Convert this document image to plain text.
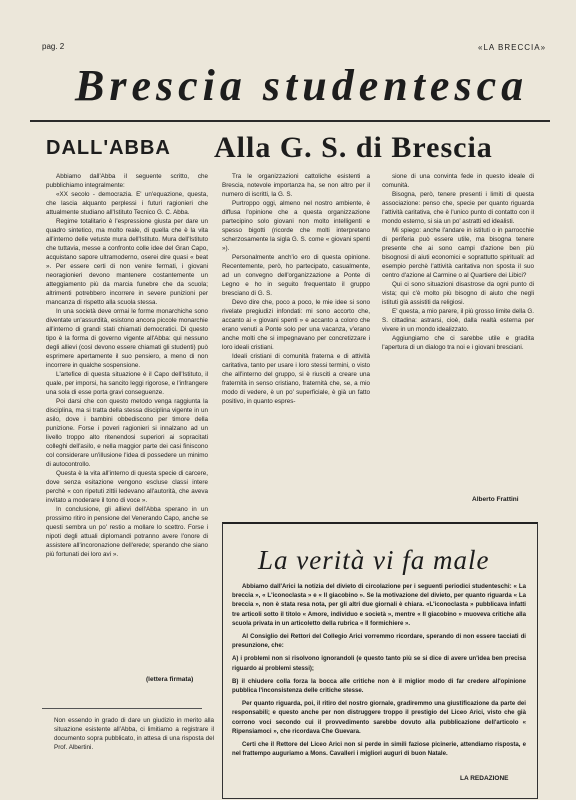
pag. 2	«LA BRECCIA»
Brescia studentesca
DALL'ABBA Alla G. S. di Brescia

Abbiamo dall'Abba il seguente scritto, che pubblichiamo integralmente:

«XX secolo - democrazia. E' un'equazione, questa, che lascia alquanto perplessi i futuri ragionieri che attualmente studiano all'Istituto Tecnico G. C. Abba.

Regime totalitario è l'espressione giusta per dare un quadro sintetico, ma molto reale, di quella che è la vita all'interno delle vetuste mura dell'Istituto. Mura dell'Istituto che tuttavia, messe a confronto colle idee del Gran Capo, acquistano sapore ultramoderno, oserei dire quasi « beat ». Per essere certi di non venire fermati, i giovani neoragionieri devono mantenere costantemente un atteggiamento più da marcia funebre che da scuola; altrimenti potrebbero incorrere in severe punizioni per mancanza di rispetto alla scuola stessa.

In una società deve ormai le forme monarchiche sono diventate un'assurdità, esistono ancora piccole monarchie all'interno di grandi stati chiamati democratici. Di questo tipo è la forma di governo vigente all'Abba: qui nessuno degli allievi (così devono essere chiamati gli studenti) può esprimere apertamente il suo pensiero, a meno di non incorrere in qualche sospensione.

L'artefice di questa situazione è il Capo dell'Istituto, il quale, per imporsi, ha sancito leggi rigorose, e l'infrangere una sola di esse porta gravi conseguenze.

Poi darsi che con questo metodo venga raggiunta la disciplina, ma si tratta della stessa disciplina vigente in un asilo, dove i bambini obbediscono per timore della punizione. Forse i poveri ragionieri si innalzano ad un livello troppo alto ritenendosi superiori ai sopracitati colleghi dell'asilo, e nella maggior parte dei casi finiscono col considerare un'illusione l'idea di possedere un minimo di autocontrollo.

Questa è la vita all'interno di questa specie di carcere, dove senza esitazione vengono escluse classi intere perchè « con ripetuti zittii ledevano all'autorità, che aveva invitato a moderare il tono di voce ».

In conclusione, gli allievi dell'Abba sperano in un prossimo ritiro in pensione del Venerando Capo, anche se questi sembra un po' restio a mollare lo scettro. Forse i nipoti degli attuali diplomandi potranno avere l'onore di assistere all'incoronazione dell'erede; sperando che siano più fortunati dei loro avi ».

(lettera firmata)
Non essendo in grado di dare un giudizio in merito alla situazione esistente all'Abba, ci limitiamo a registrare il documento sopra pubblicato, in attesa di una risposta del Prof. Albertini.

Tra le organizzazioni cattoliche esistenti a Brescia, notevole importanza ha, se non altro per il numero di iscritti, la G. S.

Purtroppo oggi, almeno nel nostro ambiente, è diffusa l'opinione che a questa organizzazione partecipino solo giovani non molto intelligenti e spesso bigotti (ricorde che molti interpretano scherzosamente la sigla G. S. come « giovani spenti »).

Personalmente anch'io ero di questa opinione. Recentemente, però, ho partecipato, casualmente, ad un convegno dell'organizzazione a Ponte di Legno e ho in seguito frequentato il gruppo bresciano di G. S.

Devo dire che, poco a poco, le mie idee si sono rivelate pregiudizi infondati: mi sono accorto che, accanto ai « giovani spenti » e accanto a coloro che erano venuti a Ponte solo per una vacanza, v'erano anche molti che si impegnavano per concretizzare i loro ideali cristiani.

Ideali cristiani di comunità fraterna e di attività caritativa, tanto per usare i loro stessi termini, o visto che all'interno del gruppo, si è riusciti a creare una fraternità in senso cristiano, fraternità che, se, a mio modo di vedere, è un po' superficiale, è già un fatto positivo, in quanto espres-

sione di una convinta fede in questo ideale di comunità.

Bisogna, però, tenere presenti i limiti di questa associazione: penso che, specie per quanto riguarda l'attività caritativa, che è l'unico punto di contatto con il mondo esterno, si sia un po' astratti ed idealisti.

Mi spiego: anche l'andare in istituti o in parrocchie di periferia può essere utile, ma bisogna tenere presente che ai sono campi d'azione ben più bisognosi di aiuti economici e soprattutto spirituali: ad esempio perchè l'attività caritativa non sposta il suo centro d'azione al Carmine o al Quartiere dei Libici?

Qui ci sono situazioni disastrose da ogni punto di vista; qui c'è molto più bisogno di aiuto che negli istituti già assistiti da religiosi.

E' questa, a mio parere, il più grosso limite della G. S. cittadina: astrarsi, cioè, dalla realtà esterna per vivere in un mondo idealizzato.

Aggiungiamo che ci sarebbe utile e gradita l'apertura di un dialogo tra noi e i giovani bresciani.

Alberto Frattini
La verità vi fa male

Abbiamo dall'Arici la notizia del divieto di circolazione per i seguenti periodici studenteschi: « La breccia », « L'iconoclasta » e « Il giacobino ». Se la motivazione del divieto, per quanto riguarda « La breccia », non è stata resa nota, per gli altri due giornali è chiara. «L'iconoclasta » pubblicava infatti tre articoli sotto il titolo « Amore, individuo e società », mentre « Il giacobino » muoveva critiche alla scuola privata in un articoletto della rubrica « Il formichiere ».

Al Consiglio dei Rettori del Collegio Arici vorremmo ricordare, sperando di non essere tacciati di presunzione, che:

A) i problemi non si risolvono ignorandoli (e questo tanto più se si dice di avere un'idea ben precisa riguardo ai problemi stessi);

B) il chiudere colla forza la bocca alle critiche non è il miglior modo di far credere all'opinione pubblica l'inconsistenza delle critiche stesse.

Per quanto riguarda, poi, il ritiro del nostro giornale, gradiremmo una giustificazione da parte dei responsabili; e questo anche per non distruggere troppo il prestigio del Liceo Arici, visto che già corrono voci secondo cui il provvedimento sarebbe dovuto alla pubblicazione dell'articolo « Ripensiamoci », che ricordava Che Guevara.

Certi che il Rettore del Liceo Arici non si perde in simili faziose picinerie, attendiamo risposta, e nel frattempo auguriamo a Mons. Cavalleri i migliori auguri di buon Natale.

LA REDAZIONE
